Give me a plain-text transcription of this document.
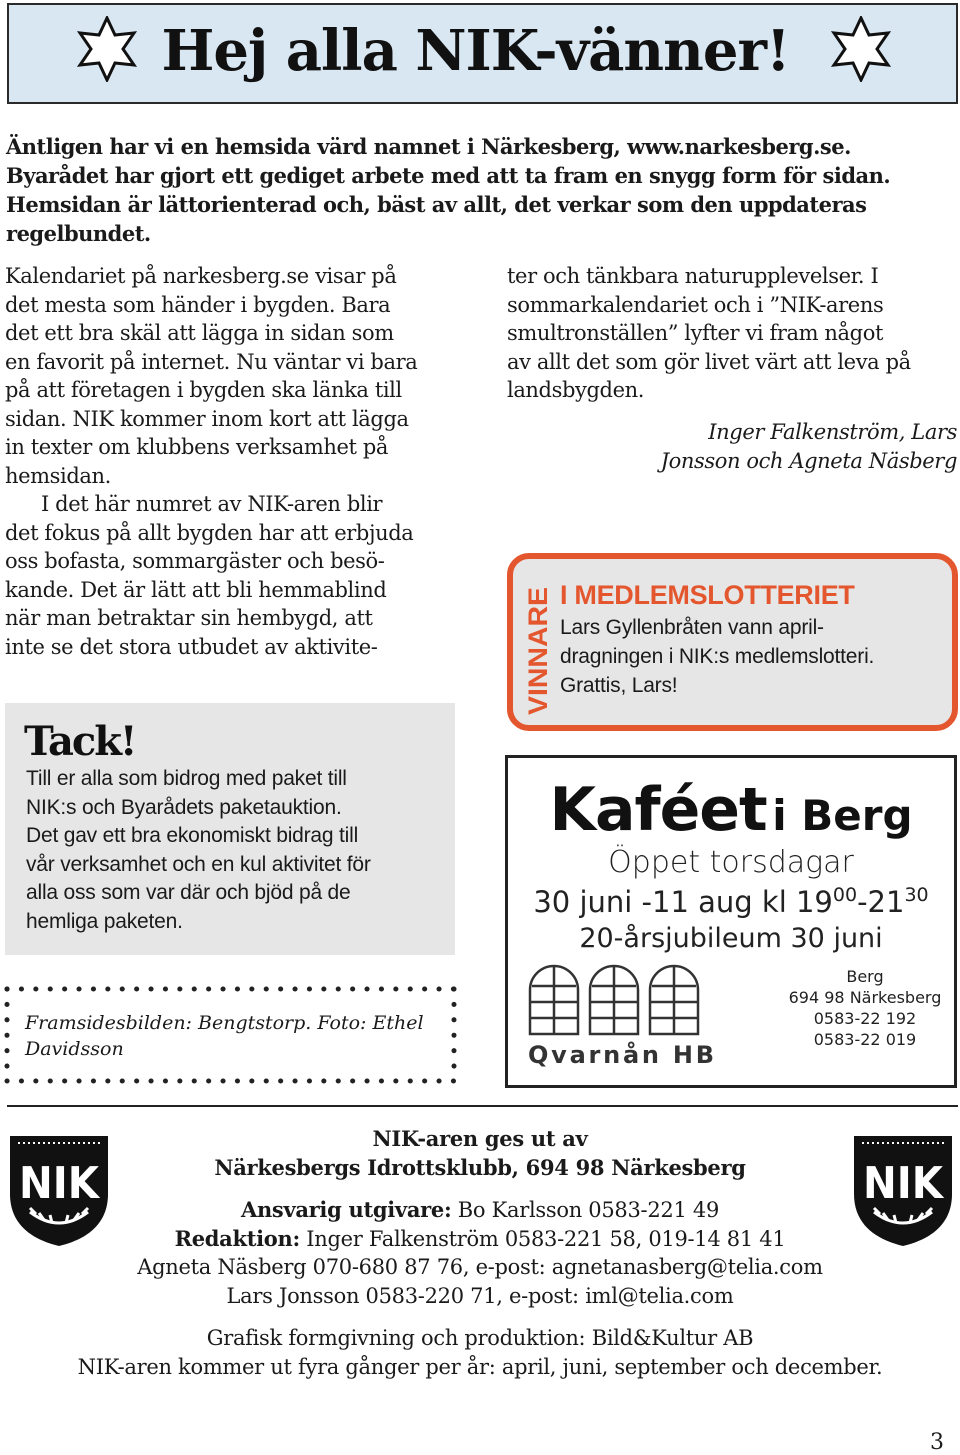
Hej alla NIK-vänner!
Äntligen har vi en hemsida värd namnet i Närkesberg, www.narkesberg.se.
Byarådet har gjort ett gediget arbete med att ta fram en snygg form för sidan.
Hemsidan är lättorienterad och, bäst av allt, det verkar som den uppdateras
regelbundet.
Kalendariet på narkesberg.se visar på
det mesta som händer i bygden. Bara
det ett bra skäl att lägga in sidan som
en favorit på internet. Nu väntar vi bara
på att företagen i bygden ska länka till
sidan. NIK kommer inom kort att lägga
in texter om klubbens verksamhet på
hemsidan.
I det här numret av NIK-aren blir
det fokus på allt bygden har att erbjuda
oss bofasta, sommargäster och besö-
kande. Det är lätt att bli hemmablind
när man betraktar sin hembygd, att
inte se det stora utbudet av aktivite-
ter och tänkbara naturupplevelser. I
sommarkalendariet och i ”NIK-arens
smultronställen” lyfter vi fram något
av allt det som gör livet värt att leva på
landsbygden.
Inger Falkenström, Lars
Jonsson och Agneta Näsberg
VINNARE I MEDLEMSLOTTERIET
Lars Gyllenbråten vann april-
dragningen i NIK:s medlemslotteri.
Grattis, Lars!
Tack!
Till er alla som bidrog med paket till
NIK:s och Byarådets paketauktion.
Det gav ett bra ekonomiskt bidrag till
vår verksamhet och en kul aktivitet för
alla oss som var där och bjöd på de
hemliga paketen.
Framsidesbilden: Bengtstorp. Foto: Ethel
Davidsson
Kaféet i Berg
Öppet torsdagar
30 juni -11 aug kl $19^{00}-21^{30}$
20-årsjubileum 30 juni
Qvarnån HB
Berg
694 98 Närkesberg
0583-22 192
0583-22 019
NIK	NIK
NIK-aren ges ut av
Närkesbergs Idrottsklubb, 694 98 Närkesberg
Ansvarig utgivare: Bo Karlsson 0583-221 49
Redaktion: Inger Falkenström 0583-221 58, 019-14 81 41
Agneta Näsberg 070-680 87 76, e-post: agnetanasberg@telia.com
Lars Jonsson 0583-220 71, e-post: iml@telia.com
Grafisk formgivning och produktion: Bild&Kultur AB
NIK-aren kommer ut fyra gånger per år: april, juni, september och december.
3
